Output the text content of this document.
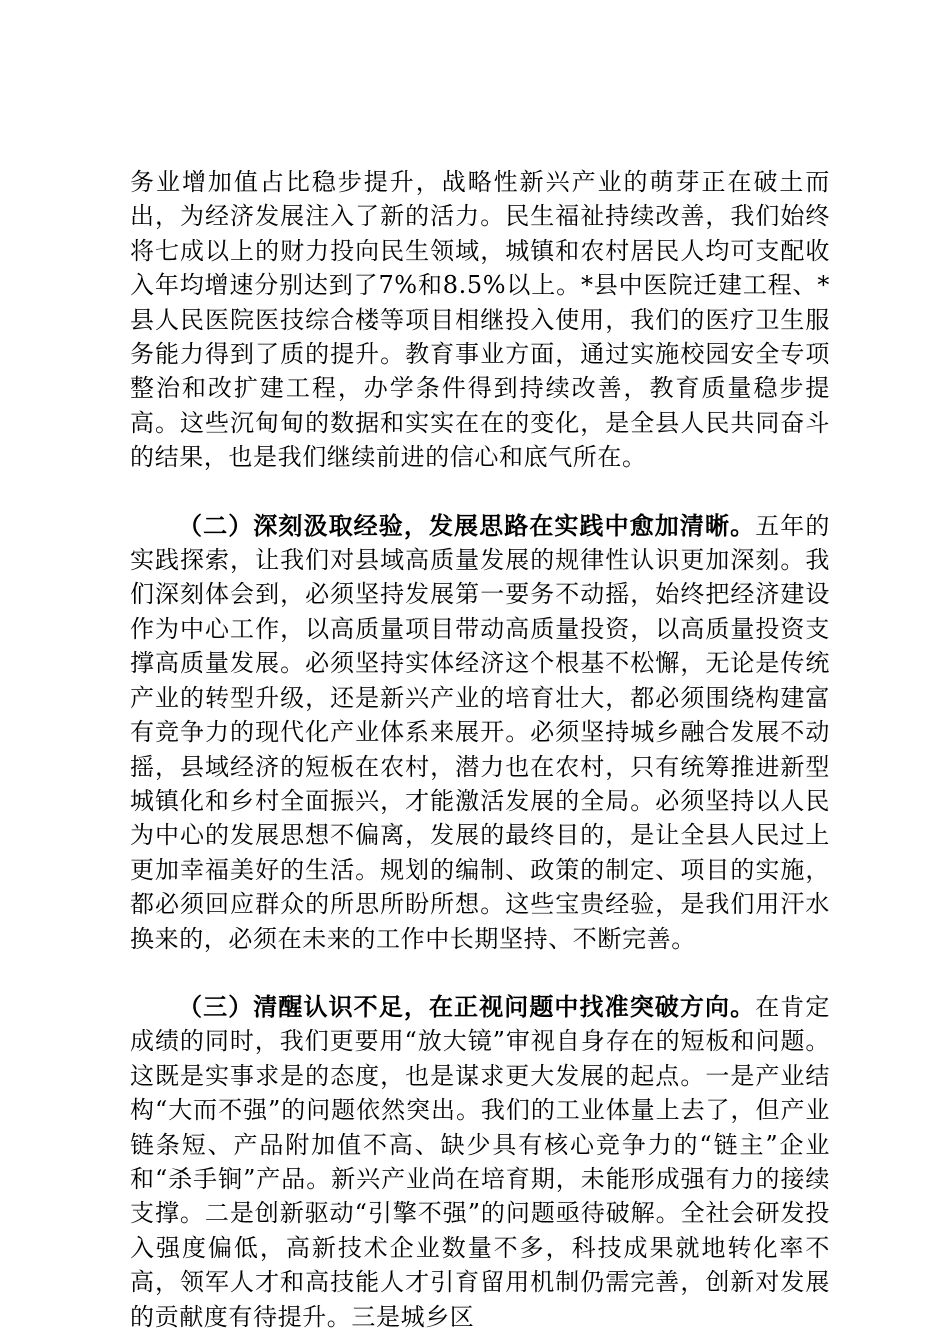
务业增加值占比稳步提升，战略性新兴产业的萌芽正在破土而出，为经济发展注入了新的活力。民生福祉持续改善，我们始终将七成以上的财力投向民生领域，城镇和农村居民人均可支配收入年均增速分别达到了7%和8.5%以上。*县中医院迁建工程、*县人民医院医技综合楼等项目相继投入使用，我们的医疗卫生服务能力得到了质的提升。教育事业方面，通过实施校园安全专项整治和改扩建工程，办学条件得到持续改善，教育质量稳步提高。这些沉甸甸的数据和实实在在的变化，是全县人民共同奋斗的结果，也是我们继续前进的信心和底气所在。

（二）深刻汲取经验，发展思路在实践中愈加清晰。五年的实践探索，让我们对县域高质量发展的规律性认识更加深刻。我们深刻体会到，必须坚持发展第一要务不动摇，始终把经济建设作为中心工作，以高质量项目带动高质量投资，以高质量投资支撑高质量发展。必须坚持实体经济这个根基不松懈，无论是传统产业的转型升级，还是新兴产业的培育壮大，都必须围绕构建富有竞争力的现代化产业体系来展开。必须坚持城乡融合发展不动摇，县域经济的短板在农村，潜力也在农村，只有统筹推进新型城镇化和乡村全面振兴，才能激活发展的全局。必须坚持以人民为中心的发展思想不偏离，发展的最终目的，是让全县人民过上更加幸福美好的生活。规划的编制、政策的制定、项目的实施，都必须回应群众的所思所盼所想。这些宝贵经验，是我们用汗水换来的，必须在未来的工作中长期坚持、不断完善。

（三）清醒认识不足，在正视问题中找准突破方向。在肯定成绩的同时，我们更要用“放大镜”审视自身存在的短板和问题。这既是实事求是的态度，也是谋求更大发展的起点。一是产业结构“大而不强”的问题依然突出。我们的工业体量上去了，但产业链条短、产品附加值不高、缺少具有核心竞争力的“链主”企业和“杀手锏”产品。新兴产业尚在培育期，未能形成强有力的接续支撑。二是创新驱动“引擎不强”的问题亟待破解。全社会研发投入强度偏低，高新技术企业数量不多，科技成果就地转化率不高，领军人才和高技能人才引育留用机制仍需完善，创新对发展的贡献度有待提升。三是城乡区
